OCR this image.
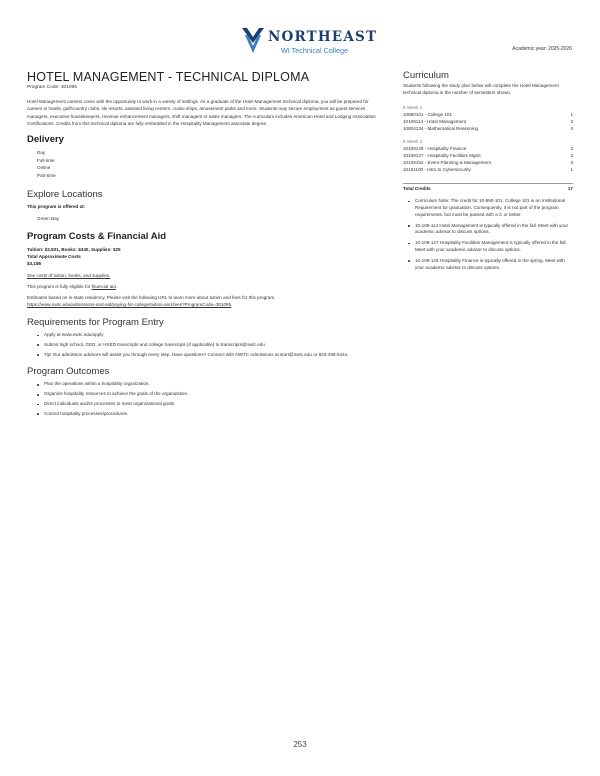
NORTHEAST
WI Technical College	Academic year: 2025-2026
HOTEL MANAGEMENT - TECHNICAL DIPLOMA
Program Code: 301095

Hotel Management careers come with the opportunity to work in a variety of settings. As a graduate of the Hotel Management technical diploma, you will be prepared for careers in hotels, golf/country clubs, ski resorts, assisted living centers, cruise ships, amusement parks and more. Students may secure employment as guest services managers, executive housekeepers, revenue enhancement managers, shift managers or sales managers. The curriculum includes American Hotel and Lodging Association Certifications. Credits from this technical diploma are fully embedded in the Hospitality Management associate degree.

Delivery
Day
Full-time
Online
Part-time
Explore Locations
This program is offered at:
Green Bay
Program Costs & Financial Aid
Tuition: $2,821, Books: $340, Supplies: $25
Total Approximate Costs
$3,186
See costs of tuition, books, and supplies.
This program is fully eligible for financial aid.
Estimates based on in-state residency. Please visit the following URL to learn more about tuition and fees for this program.
https://www.nwtc.edu/admissions-and-aid/paying-for-college/tuition-and-fees?ProgramCode=301095
Requirements for Program Entry
Apply at www.nwtc.edu/apply
Submit high school, GED, or HSED transcripts and college transcripts (if applicable) to transcripts@nwtc.edu
Tip! Our admission advisors will assist you through every step. Have questions? Connect with NWTC Admissions at start@nwtc.edu or 920-498-5444.
Program Outcomes
Plan the operations within a hospitality organization.
Organize hospitality resources to achieve the goals of the organization.
Direct individuals and/or processes to meet organizational goals.
Control hospitality processes/procedures.
Curriculum

Students following the study plan below will complete the Hotel Management technical diploma in the number of semesters shown.

8 Week 1
10890101 - College 101	1
10109114 - Hotel Management	3
10804134 - Mathematical Reasoning	3
8 Week 2
10109126 - Hospitality Finance	3
10109127 - Hospitality Facilities Mgmt	3
10109152 - Event Planning & Management	3
10151100 - Intro to Cybersecurity	1
Total Credits	17
Curriculum Note: The credit for 10-890-101, College 101 is an Institutional Requirement for graduation. Consequently, it is not part of the program requirements, but must be passed with a C or better.
10-109-114 Hotel Management is typically offered in the fall. Meet with your academic advisor to discuss options.
10-109-127 Hospitality Facilities Management is typically offered in the fall. Meet with your academic advisor to discuss options.
10-109-126 Hospitality Finance is typically offered in the spring. Meet with your academic advisor to discuss options.
253
